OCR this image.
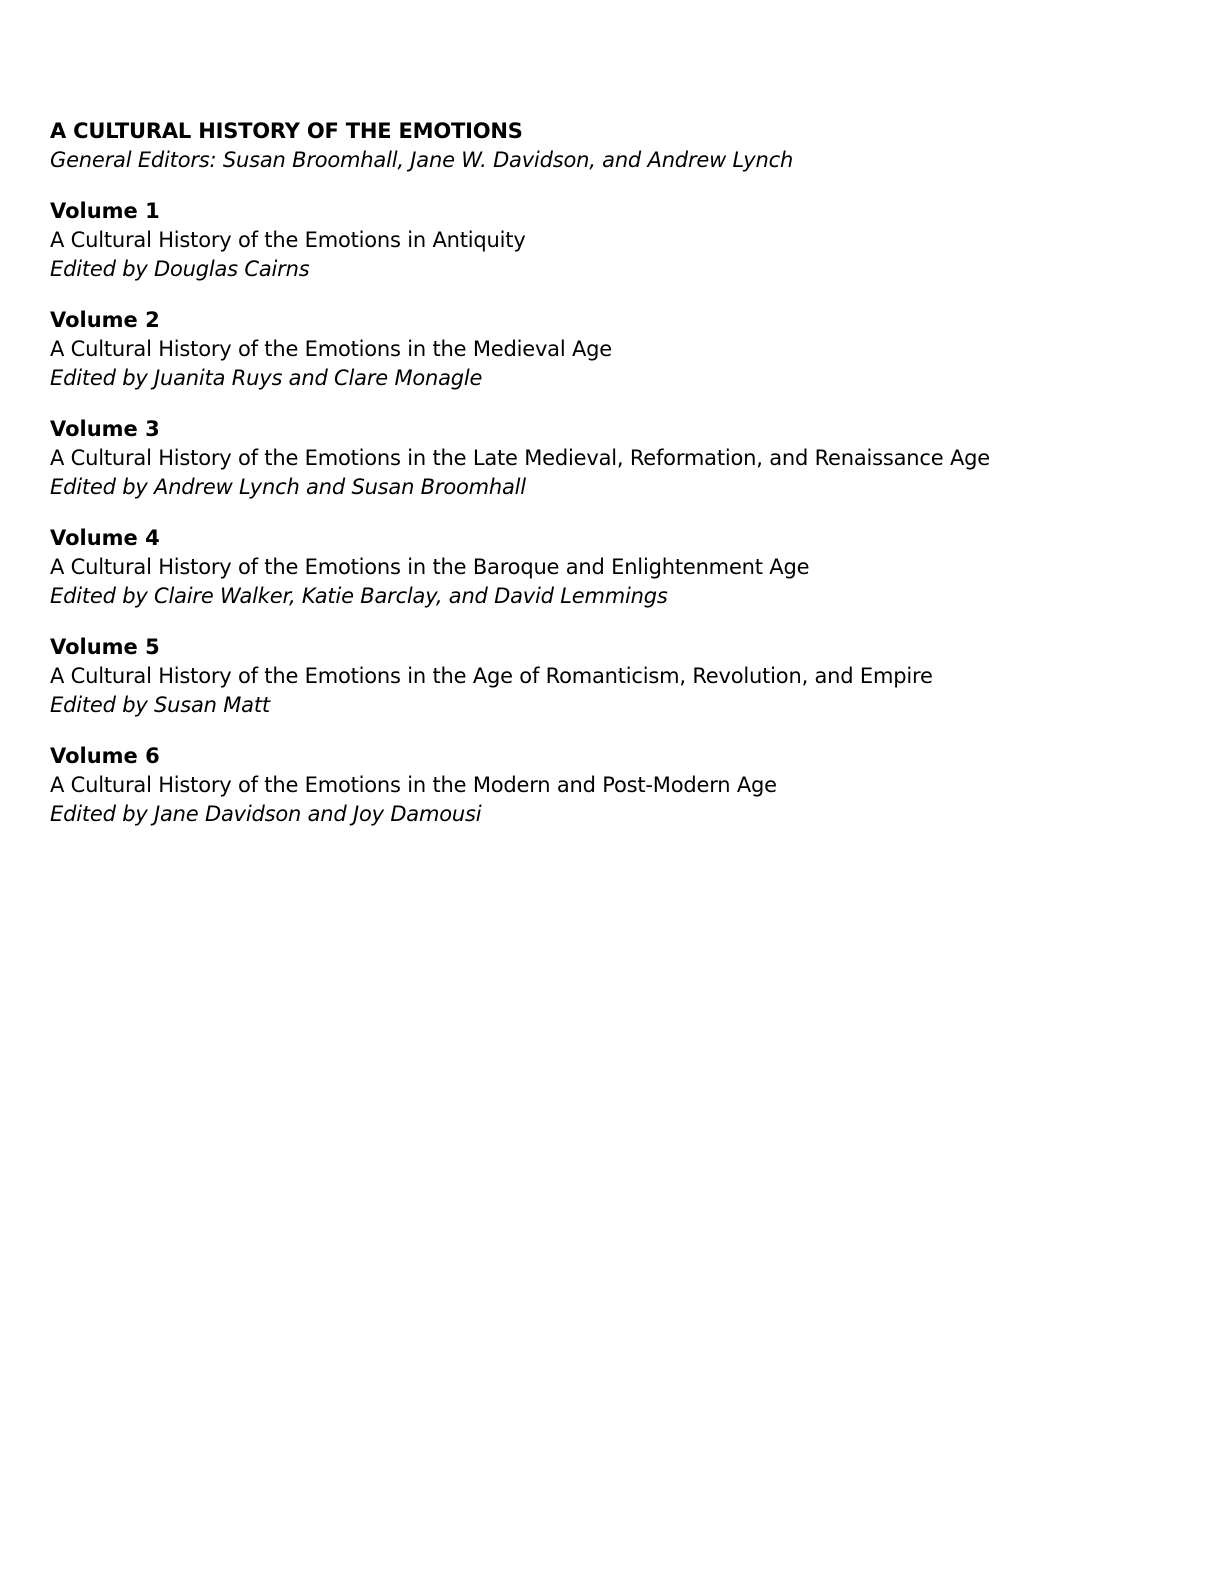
A CULTURAL HISTORY OF THE EMOTIONS

General Editors: Susan Broomhall, Jane W. Davidson, and Andrew Lynch

Volume 1

A Cultural History of the Emotions in Antiquity

Edited by Douglas Cairns

Volume 2

A Cultural History of the Emotions in the Medieval Age

Edited by Juanita Ruys and Clare Monagle

Volume 3

A Cultural History of the Emotions in the Late Medieval, Reformation, and Renaissance Age

Edited by Andrew Lynch and Susan Broomhall

Volume 4

A Cultural History of the Emotions in the Baroque and Enlightenment Age

Edited by Claire Walker, Katie Barclay, and David Lemmings

Volume 5

A Cultural History of the Emotions in the Age of Romanticism, Revolution, and Empire

Edited by Susan Matt

Volume 6

A Cultural History of the Emotions in the Modern and Post-Modern Age

Edited by Jane Davidson and Joy Damousi
